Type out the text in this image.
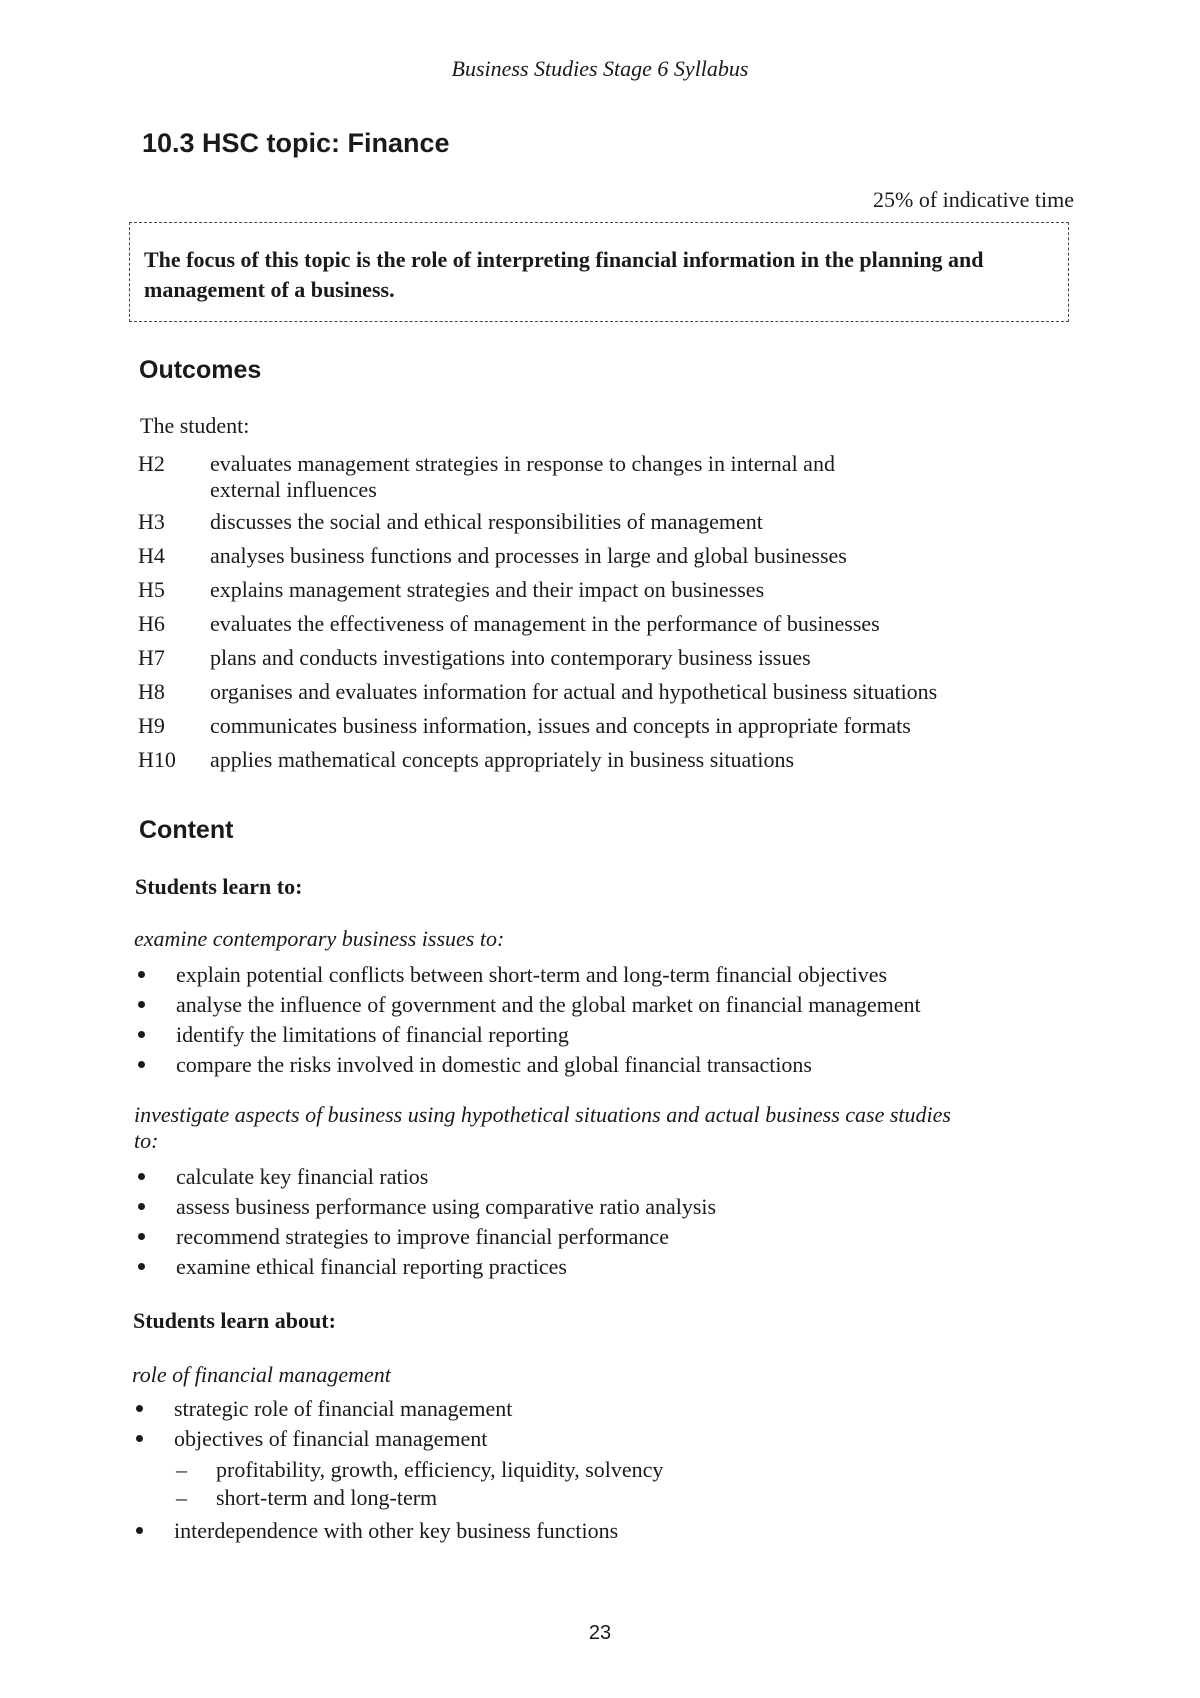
Business Studies Stage 6 Syllabus
10.3 HSC topic: Finance
25% of indicative time
The focus of this topic is the role of interpreting financial information in the planning and management of a business.
Outcomes
The student:
H2	evaluates management strategies in response to changes in internal and external influences
H3	discusses the social and ethical responsibilities of management
H4	analyses business functions and processes in large and global businesses
H5	explains management strategies and their impact on businesses
H6	evaluates the effectiveness of management in the performance of businesses
H7	plans and conducts investigations into contemporary business issues
H8	organises and evaluates information for actual and hypothetical business situations
H9	communicates business information, issues and concepts in appropriate formats
H10	applies mathematical concepts appropriately in business situations
Content
Students learn to:
examine contemporary business issues to:
explain potential conflicts between short-term and long-term financial objectives
analyse the influence of government and the global market on financial management
identify the limitations of financial reporting
compare the risks involved in domestic and global financial transactions
investigate aspects of business using hypothetical situations and actual business case studies to:
calculate key financial ratios
assess business performance using comparative ratio analysis
recommend strategies to improve financial performance
examine ethical financial reporting practices
Students learn about:
role of financial management
strategic role of financial management
objectives of financial management
– profitability, growth, efficiency, liquidity, solvency
– short-term and long-term
interdependence with other key business functions
23
